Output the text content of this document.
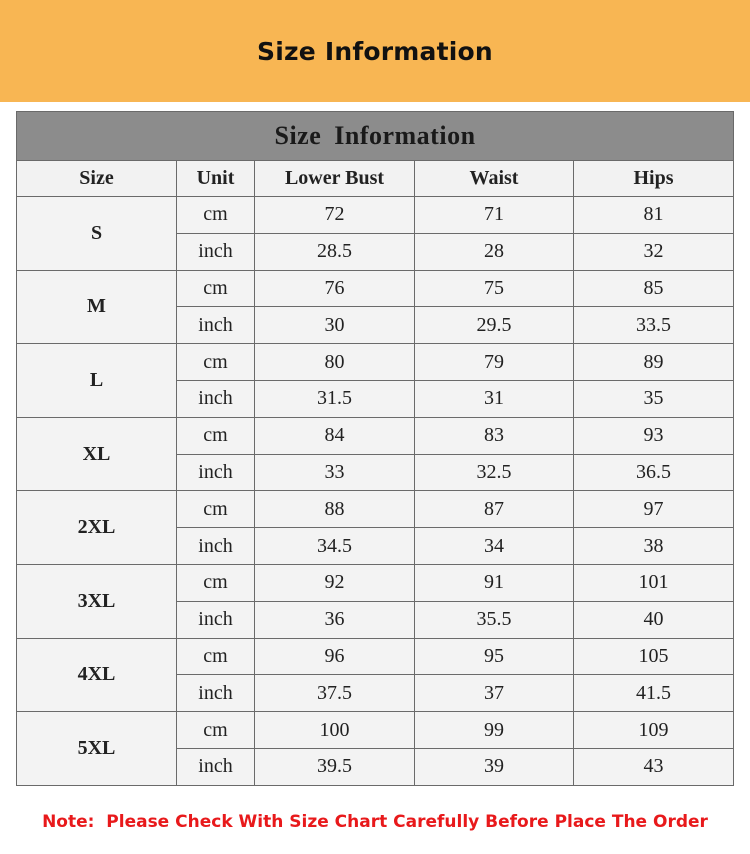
Size Information
Size Information				
Size	Unit	Lower Bust	Waist	Hips
S	cm	72	71	81
	inch	28.5	28	32
M	cm	76	75	85
	inch	30	29.5	33.5
L	cm	80	79	89
	inch	31.5	31	35
XL	cm	84	83	93
	inch	33	32.5	36.5
2XL	cm	88	87	97
	inch	34.5	34	38
3XL	cm	92	91	101
	inch	36	35.5	40
4XL	cm	96	95	105
	inch	37.5	37	41.5
5XL	cm	100	99	109
	inch	39.5	39	43
Note:  Please Check With Size Chart Carefully Before Place The Order
